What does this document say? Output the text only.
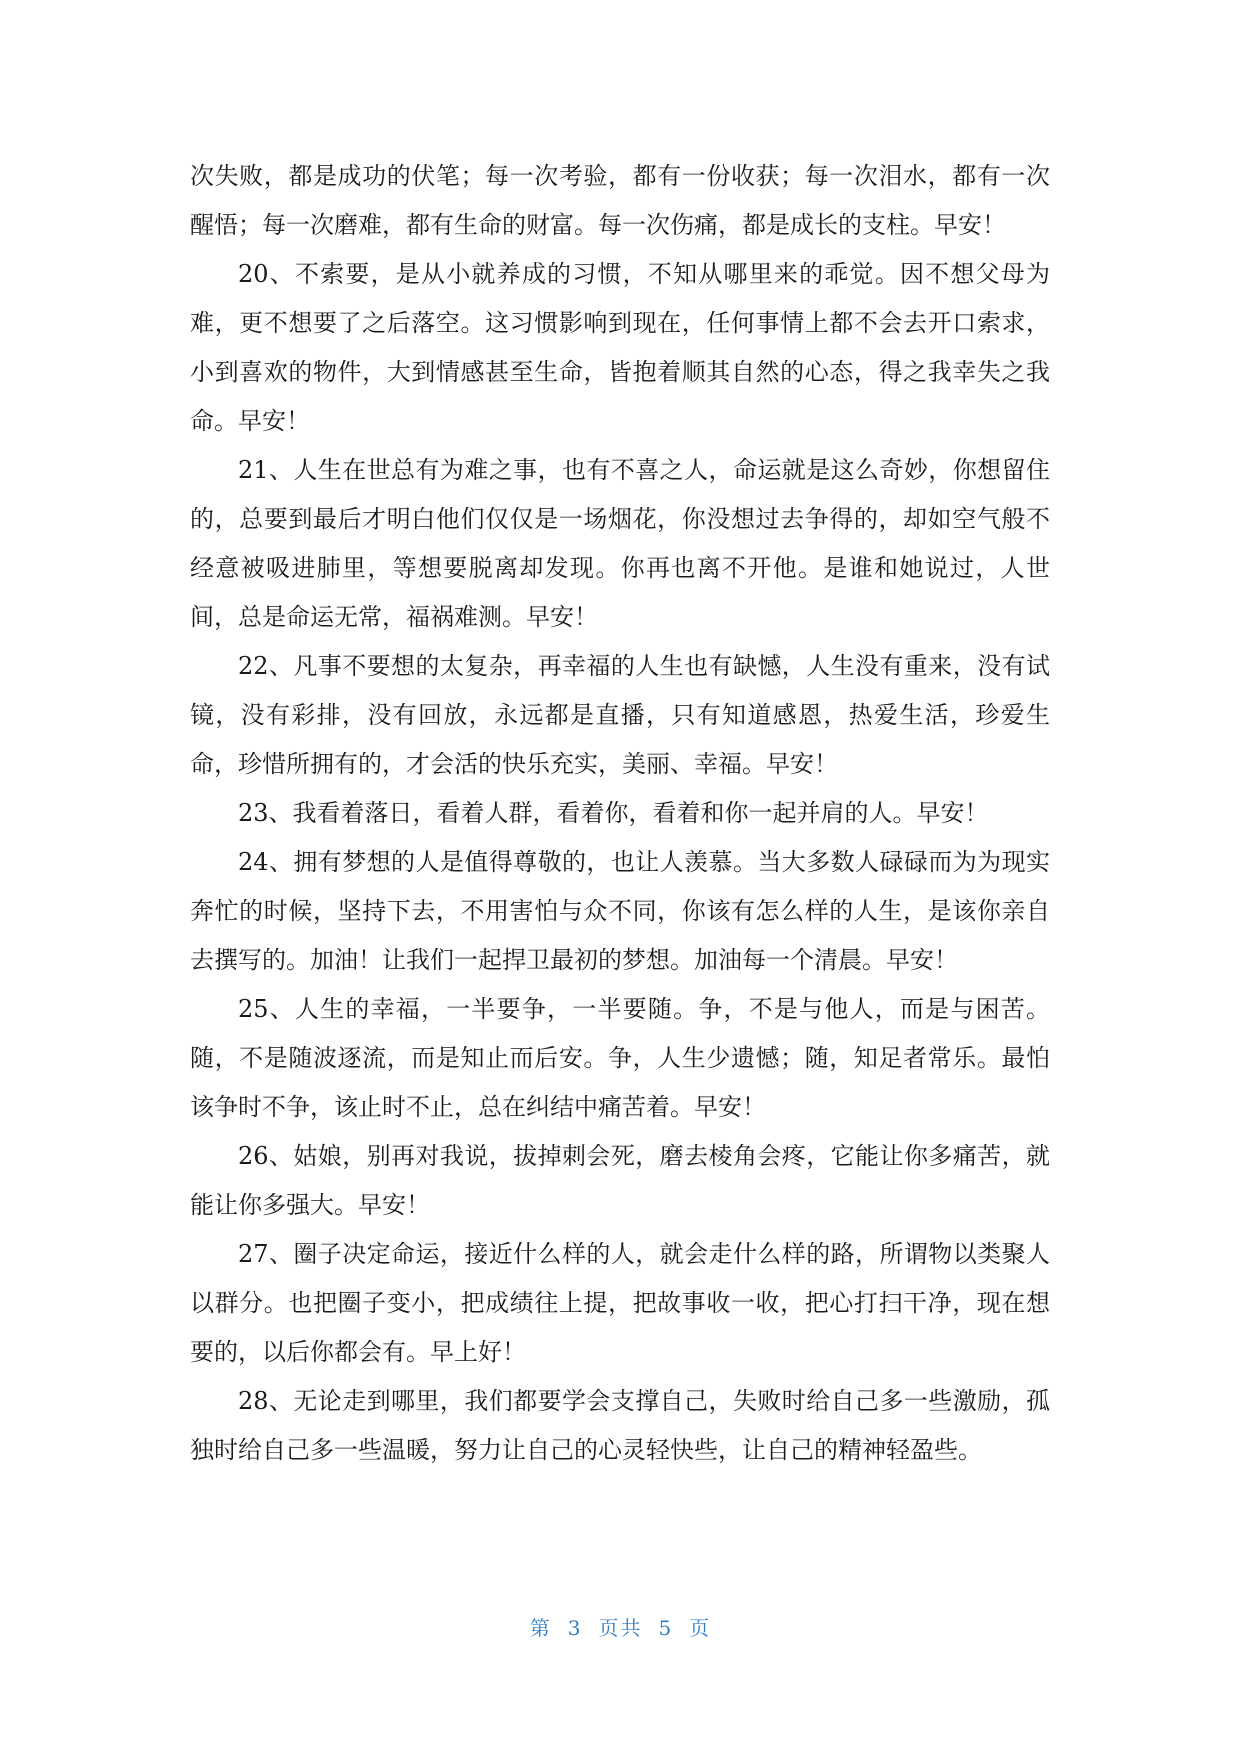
次失败，都是成功的伏笔；每一次考验，都有一份收获；每一次泪水，都有一次醒悟；每一次磨难，都有生命的财富。每一次伤痛，都是成长的支柱。早安！

20、不索要，是从小就养成的习惯，不知从哪里来的乖觉。因不想父母为难，更不想要了之后落空。这习惯影响到现在，任何事情上都不会去开口索求，小到喜欢的物件，大到情感甚至生命，皆抱着顺其自然的心态，得之我幸失之我命。早安！

21、人生在世总有为难之事，也有不喜之人，命运就是这么奇妙，你想留住的，总要到最后才明白他们仅仅是一场烟花，你没想过去争得的，却如空气般不经意被吸进肺里，等想要脱离却发现。你再也离不开他。是谁和她说过，人世间，总是命运无常，福祸难测。早安！

22、凡事不要想的太复杂，再幸福的人生也有缺憾，人生没有重来，没有试镜，没有彩排，没有回放，永远都是直播，只有知道感恩，热爱生活，珍爱生命，珍惜所拥有的，才会活的快乐充实，美丽、幸福。早安！

23、我看着落日，看着人群，看着你，看着和你一起并肩的人。早安！

24、拥有梦想的人是值得尊敬的，也让人羡慕。当大多数人碌碌而为为现实奔忙的时候，坚持下去，不用害怕与众不同，你该有怎么样的人生，是该你亲自去撰写的。加油！让我们一起捍卫最初的梦想。加油每一个清晨。早安！

25、人生的幸福，一半要争，一半要随。争，不是与他人，而是与困苦。随，不是随波逐流，而是知止而后安。争，人生少遗憾；随，知足者常乐。最怕该争时不争，该止时不止，总在纠结中痛苦着。早安！

26、姑娘，别再对我说，拔掉刺会死，磨去棱角会疼，它能让你多痛苦，就能让你多强大。早安！

27、圈子决定命运，接近什么样的人，就会走什么样的路，所谓物以类聚人以群分。也把圈子变小，把成绩往上提，把故事收一收，把心打扫干净，现在想要的，以后你都会有。早上好！

28、无论走到哪里，我们都要学会支撑自己，失败时给自己多一些激励，孤独时给自己多一些温暖，努力让自己的心灵轻快些，让自己的精神轻盈些。

第 3 页共 5 页
